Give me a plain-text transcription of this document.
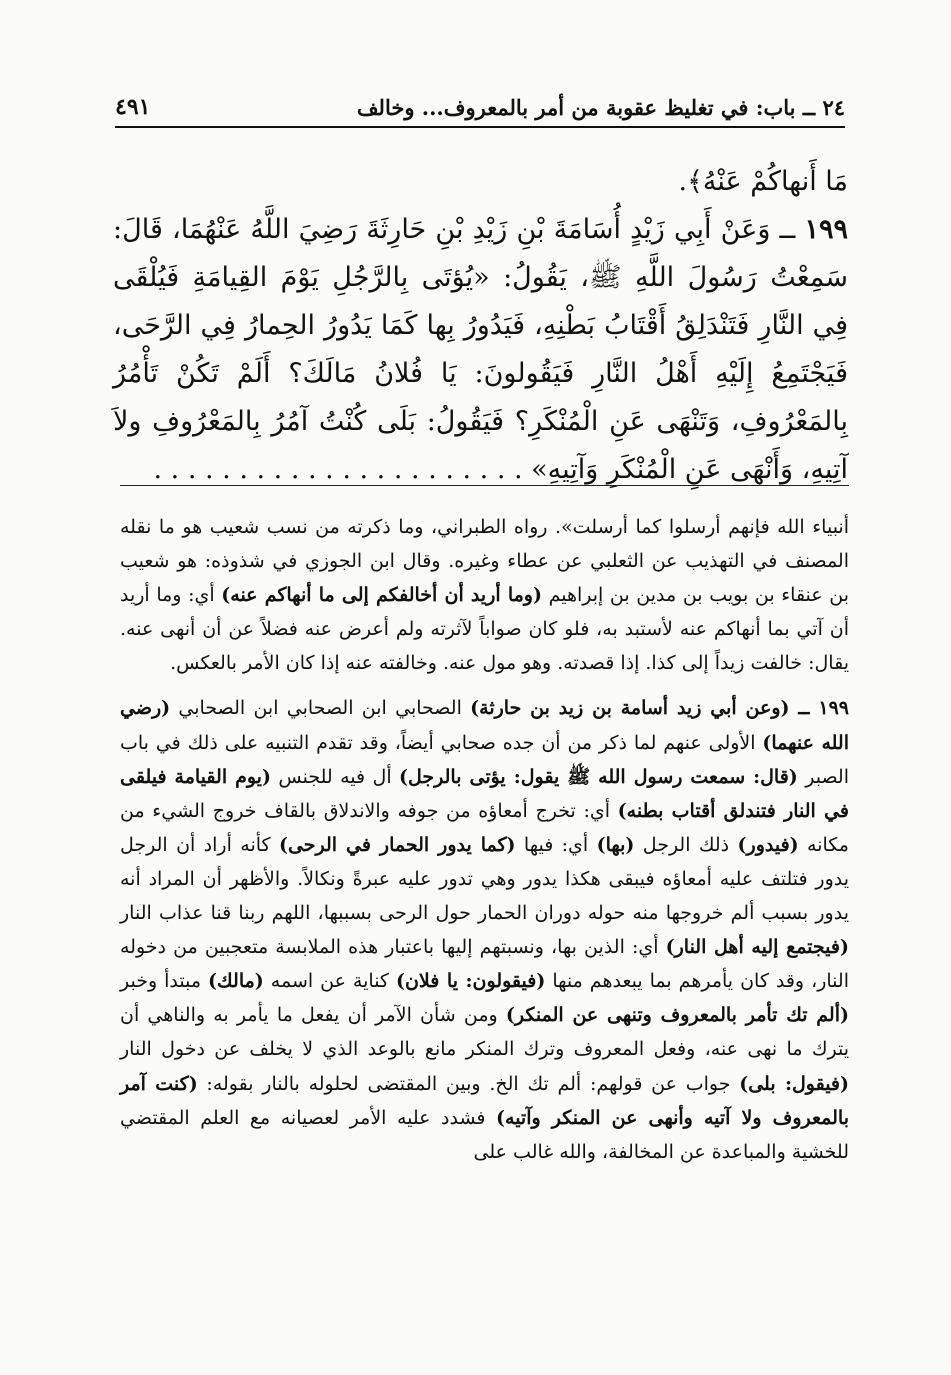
٢٤ ــ باب: في تغليظ عقوبة من أمر بالمعروف... وخالف
٤٩١

مَا أَنهاكُمْ عَنْهُ﴾.

١٩٩ ــ وَعَنْ أَبِي زَيْدٍ أُسَامَةَ بْنِ زَيْدِ بْنِ حَارِثَةَ رَضِيَ اللَّهُ عَنْهُمَا، قَالَ: سَمِعْتُ رَسُولَ اللَّهِ ﷺ، يَقُولُ: «يُؤتَى بِالرَّجُلِ يَوْمَ القِيامَةِ فَيُلْقَى فِي النَّارِ فَتَنْدَلِقُ أَقْتَابُ بَطْنِهِ، فَيَدُورُ بِها كَمَا يَدُورُ الحِمارُ فِي الرَّحَى، فَيَجْتَمِعُ إِلَيْهِ أَهْلُ النَّارِ فَيَقُولونَ: يَا فُلانُ مَالَكَ؟ أَلَمْ تَكُنْ تَأْمُرُ بِالمَعْرُوفِ، وَتَنْهَى عَنِ الْمُنْكَرِ؟ فَيَقُولُ: بَلَى كُنْتُ آمُرُ بِالمَعْرُوفِ ولاَ آتِيهِ، وَأَنْهَى عَنِ الْمُنْكَرِ وَآتِيهِ» . . . . . . . . . . . . . . . . . . . . . .

أنبياء الله فإنهم أرسلوا كما أرسلت». رواه الطبراني، وما ذكرته من نسب شعيب هو ما نقله المصنف في التهذيب عن الثعلبي عن عطاء وغيره. وقال ابن الجوزي في شذوذه: هو شعيب بن عنقاء بن بويب بن مدين بن إبراهيم (وما أريد أن أخالفكم إلى ما أنهاكم عنه) أي: وما أريد أن آتي بما أنهاكم عنه لأستبد به، فلو كان صواباً لآثرته ولم أعرض عنه فضلاً عن أن أنهى عنه. يقال: خالفت زيداً إلى كذا. إذا قصدته. وهو مول عنه. وخالفته عنه إذا كان الأمر بالعكس.

١٩٩ ــ (وعن أبي زيد أسامة بن زيد بن حارثة) الصحابي ابن الصحابي ابن الصحابي (رضي الله عنهما) الأولى عنهم لما ذكر من أن جده صحابي أيضاً، وقد تقدم التنبيه على ذلك في باب الصبر (قال: سمعت رسول الله ﷺ يقول: يؤتى بالرجل) أل فيه للجنس (يوم القيامة فيلقى في النار فتندلق أقتاب بطنه) أي: تخرج أمعاؤه من جوفه والاندلاق بالقاف خروج الشيء من مكانه (فيدور) ذلك الرجل (بها) أي: فيها (كما يدور الحمار في الرحى) كأنه أراد أن الرجل يدور فتلتف عليه أمعاؤه فيبقى هكذا يدور وهي تدور عليه عبرةً ونكالاً. والأظهر أن المراد أنه يدور بسبب ألم خروجها منه حوله دوران الحمار حول الرحى بسببها، اللهم ربنا قنا عذاب النار (فيجتمع إليه أهل النار) أي: الذين بها، ونسبتهم إليها باعتبار هذه الملابسة متعجبين من دخوله النار، وقد كان يأمرهم بما يبعدهم منها (فيقولون: يا فلان) كناية عن اسمه (مالك) مبتدأ وخبر (ألم تك تأمر بالمعروف وتنهى عن المنكر) ومن شأن الآمر أن يفعل ما يأمر به والناهي أن يترك ما نهى عنه، وفعل المعروف وترك المنكر مانع بالوعد الذي لا يخلف عن دخول النار (فيقول: بلى) جواب عن قولهم: ألم تك الخ. وبين المقتضى لحلوله بالنار بقوله: (كنت آمر بالمعروف ولا آتيه وأنهى عن المنكر وآتيه) فشدد عليه الأمر لعصيانه مع العلم المقتضي للخشية والمباعدة عن المخالفة، والله غالب على
